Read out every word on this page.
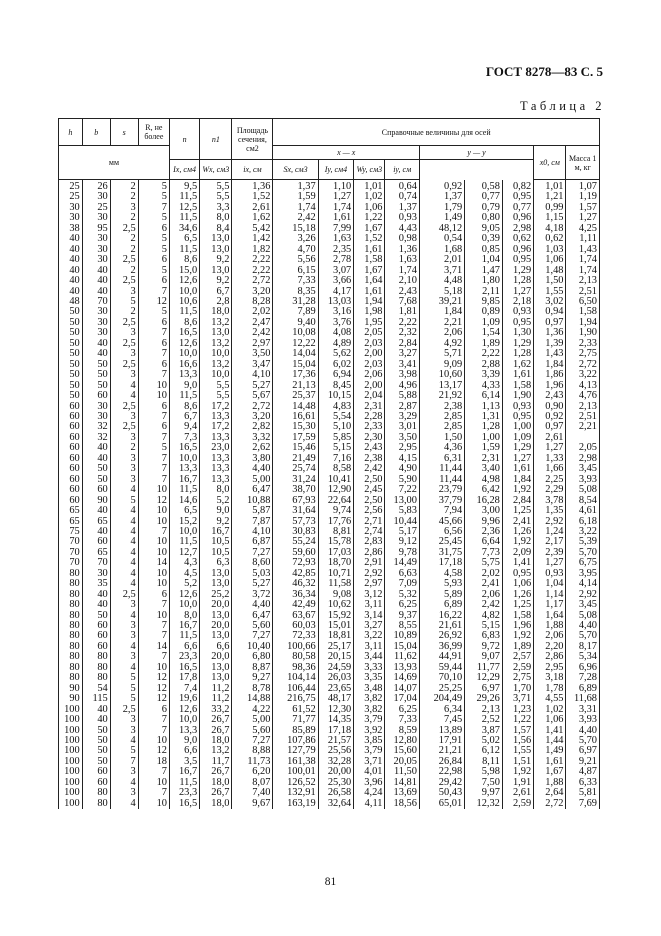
ГОСТ 8278—83 С. 5
Таблица 2
h	b	s	R, не более	n	n1	Площадь сечения, см2	Справочные величины для осей								
мм							x — x				y — y			x0, см	Масса 1 м, кг
				Ix, см4	Wx, см3	ix, см	Sx, см3	Iy, см4	Wy, см3	iy, см					
25	26	2	5	9,5	5,5	1,36	1,37	1,10	1,01	0,64	0,92	0,58	0,82	1,01	1,07
25	30	2	5	11,5	5,5	1,52	1,59	1,27	1,02	0,74	1,37	0,77	0,95	1,21	1,19
30	25	3	7	12,5	3,3	2,61	1,74	1,74	1,06	1,37	1,79	0,79	0,77	0,99	1,57
30	30	2	5	11,5	8,0	1,62	2,42	1,61	1,22	0,93	1,49	0,80	0,96	1,15	1,27
38	95	2,5	6	34,6	8,4	5,42	15,18	7,99	1,67	4,43	48,12	9,05	2,98	4,18	4,25
40	30	2	5	6,5	13,0	1,42	3,26	1,63	1,52	0,98	0,54	0,39	0,62	0,62	1,11
40	30	2	5	11,5	13,0	1,82	4,70	2,35	1,61	1,36	1,68	0,85	0,96	1,03	1,43
40	30	2,5	6	8,6	9,2	2,22	5,56	2,78	1,58	1,63	2,01	1,04	0,95	1,06	1,74
40	40	2	5	15,0	13,0	2,22	6,15	3,07	1,67	1,74	3,71	1,47	1,29	1,48	1,74
40	40	2,5	6	12,6	9,2	2,72	7,33	3,66	1,64	2,10	4,48	1,80	1,28	1,50	2,13
40	40	3	7	10,0	6,7	3,20	8,35	4,17	1,61	2,43	5,18	2,11	1,27	1,55	2,51
48	70	5	12	10,6	2,8	8,28	31,28	13,03	1,94	7,68	39,21	9,85	2,18	3,02	6,50
50	30	2	5	11,5	18,0	2,02	7,89	3,16	1,98	1,81	1,84	0,89	0,93	0,94	1,58
50	30	2,5	6	8,6	13,2	2,47	9,40	3,76	1,95	2,22	2,21	1,09	0,95	0,97	1,94
50	30	3	7	16,5	13,0	2,42	10,08	4,08	2,05	2,32	2,06	1,54	1,30	1,36	1,90
50	40	2,5	6	12,6	13,2	2,97	12,22	4,89	2,03	2,84	4,92	1,89	1,29	1,39	2,33
50	40	3	7	10,0	10,0	3,50	14,04	5,62	2,00	3,27	5,71	2,22	1,28	1,43	2,75
50	50	2,5	6	16,6	13,2	3,47	15,04	6,02	2,03	3,41	9,09	2,88	1,62	1,84	2,72
50	50	3	7	13,3	10,0	4,10	17,36	6,94	2,06	3,98	10,60	3,39	1,61	1,86	3,22
50	50	4	10	9,0	5,5	5,27	21,13	8,45	2,00	4,96	13,17	4,33	1,58	1,96	4,13
50	60	4	10	11,5	5,5	5,67	25,37	10,15	2,04	5,88	21,92	6,14	1,90	2,43	4,76
60	30	2,5	6	8,6	17,2	2,72	14,48	4,83	2,31	2,87	2,38	1,13	0,93	0,90	2,13
60	30	3	7	6,7	13,3	3,20	16,61	5,54	2,28	3,29	2,85	1,31	0,95	0,92	2,51
60	32	2,5	6	9,4	17,2	2,82	15,30	5,10	2,33	3,01	2,85	1,28	1,00	0,97	2,21
60	32	3	7	7,3	13,3	3,32	17,59	5,85	2,30	3,50	1,50	1,00	1,09	2,61	
60	40	2	5	16,5	23,0	2,62	15,46	5,15	2,43	2,95	4,36	1,59	1,29	1,27	2,05
60	40	3	7	10,0	13,3	3,80	21,49	7,16	2,38	4,15	6,31	2,31	1,27	1,33	2,98
60	50	3	7	13,3	13,3	4,40	25,74	8,58	2,42	4,90	11,44	3,40	1,61	1,66	3,45
60	50	3	7	16,7	13,3	5,00	31,24	10,41	2,50	5,90	11,44	4,98	1,84	2,25	3,93
60	60	4	10	11,5	8,0	6,47	38,70	12,90	2,45	7,22	23,79	6,42	1,92	2,29	5,08
60	90	5	12	14,6	5,2	10,88	67,93	22,64	2,50	13,00	37,79	16,28	2,84	3,78	8,54
65	40	4	10	6,5	9,0	5,87	31,64	9,74	2,56	5,83	7,94	3,00	1,25	1,35	4,61
65	65	4	10	15,2	9,2	7,87	57,73	17,76	2,71	10,44	45,66	9,96	2,41	2,92	6,18
75	40	4	7	10,0	16,7	4,10	30,83	8,81	2,74	5,17	6,56	2,36	1,26	1,24	3,22
70	60	4	10	11,5	10,5	6,87	55,24	15,78	2,83	9,12	25,45	6,64	1,92	2,17	5,39
70	65	4	10	12,7	10,5	7,27	59,60	17,03	2,86	9,78	31,75	7,73	2,09	2,39	5,70
70	70	4	14	4,3	6,3	8,60	72,93	18,70	2,91	14,49	17,18	5,75	1,41	1,27	6,75
80	30	4	10	4,5	13,0	5,03	42,85	10,71	2,92	6,63	4,58	2,02	0,95	0,93	3,95
80	35	4	10	5,2	13,0	5,27	46,32	11,58	2,97	7,09	5,93	2,41	1,06	1,04	4,14
80	40	2,5	6	12,6	25,2	3,72	36,34	9,08	3,12	5,32	5,89	2,06	1,26	1,14	2,92
80	40	3	7	10,0	20,0	4,40	42,49	10,62	3,11	6,25	6,89	2,42	1,25	1,17	3,45
80	50	4	10	8,0	13,0	6,47	63,67	15,92	3,14	9,37	16,22	4,82	1,58	1,64	5,08
80	60	3	7	16,7	20,0	5,60	60,03	15,01	3,27	8,55	21,61	5,15	1,96	1,88	4,40
80	60	3	7	11,5	13,0	7,27	72,33	18,81	3,22	10,89	26,92	6,83	1,92	2,06	5,70
80	60	4	14	6,6	6,6	10,40	100,66	25,17	3,11	15,04	36,99	9,72	1,89	2,20	8,17
80	80	3	7	23,3	20,0	6,80	80,58	20,15	3,44	11,62	44,91	9,07	2,57	2,86	5,34
80	80	4	10	16,5	13,0	8,87	98,36	24,59	3,33	13,93	59,44	11,77	2,59	2,95	6,96
80	80	5	12	17,8	13,0	9,27	104,14	26,03	3,35	14,69	70,10	12,29	2,75	3,18	7,28
90	54	5	12	7,4	11,2	8,78	106,44	23,65	3,48	14,07	25,25	6,97	1,70	1,78	6,89
90	115	5	12	19,6	11,2	14,88	216,75	48,17	3,82	17,04	204,49	29,26	3,71	4,55	11,68
100	40	2,5	6	12,6	33,2	4,22	61,52	12,30	3,82	6,25	6,34	2,13	1,23	1,02	3,31
100	40	3	7	10,0	26,7	5,00	71,77	14,35	3,79	7,33	7,45	2,52	1,22	1,06	3,93
100	50	3	7	13,3	26,7	5,60	85,89	17,18	3,92	8,59	13,89	3,87	1,57	1,41	4,40
100	50	4	10	9,0	18,0	7,27	107,86	21,57	3,85	12,80	17,91	5,02	1,56	1,44	5,70
100	50	5	12	6,6	13,2	8,88	127,79	25,56	3,79	15,60	21,21	6,12	1,55	1,49	6,97
100	50	7	18	3,5	11,7	11,73	161,38	32,28	3,71	20,05	26,84	8,11	1,51	1,61	9,21
100	60	3	7	16,7	26,7	6,20	100,01	20,00	4,01	11,50	22,98	5,98	1,92	1,67	4,87
100	60	4	10	11,5	18,0	8,07	126,52	25,30	3,96	14,81	29,42	7,50	1,91	1,88	6,33
100	80	3	7	23,3	26,7	7,40	132,91	26,58	4,24	13,69	50,43	9,97	2,61	2,64	5,81
100	80	4	10	16,5	18,0	9,67	163,19	32,64	4,11	18,56	65,01	12,32	2,59	2,72	7,69
81
